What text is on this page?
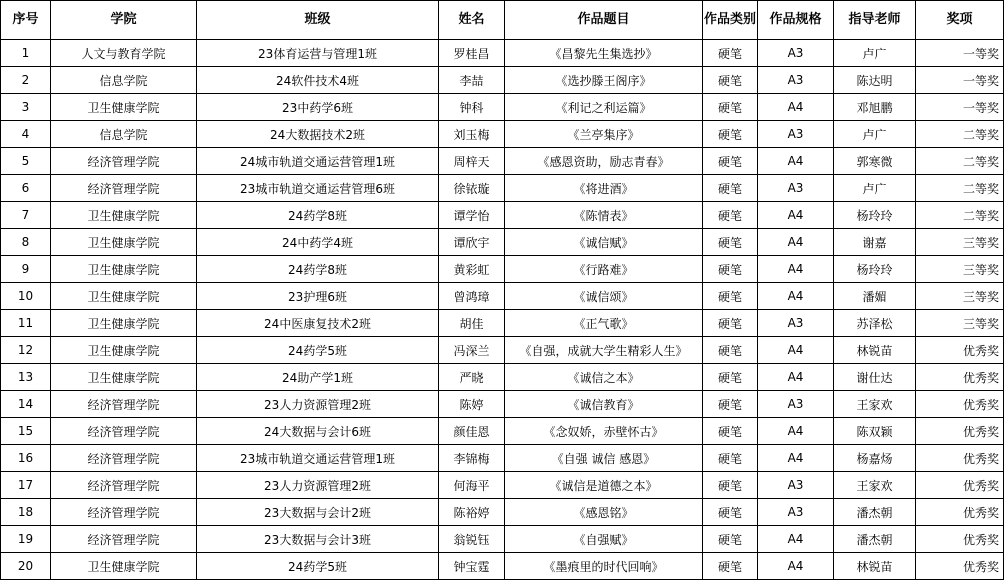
序号	学院	班级	姓名	作品题目	作品类别	作品规格	指导老师	奖项
1	人文与教育学院	23体育运营与管理1班	罗桂昌	《昌黎先生集选抄》	硬笔	A3	卢广	一等奖
2	信息学院	24软件技术4班	李喆	《选抄滕王阁序》	硬笔	A3	陈达明	一等奖
3	卫生健康学院	23中药学6班	钟科	《利记之利运篇》	硬笔	A4	邓旭鹏	一等奖
4	信息学院	24大数据技术2班	刘玉梅	《兰亭集序》	硬笔	A3	卢广	二等奖
5	经济管理学院	24城市轨道交通运营管理1班	周梓天	《感恩资助，励志青春》	硬笔	A4	郭寒微	二等奖
6	经济管理学院	23城市轨道交通运营管理6班	徐铱璇	《将进酒》	硬笔	A3	卢广	二等奖
7	卫生健康学院	24药学8班	谭学怡	《陈情表》	硬笔	A4	杨玲玲	二等奖
8	卫生健康学院	24中药学4班	谭欣宇	《诚信赋》	硬笔	A4	谢嘉	三等奖
9	卫生健康学院	24药学8班	黄彩虹	《行路难》	硬笔	A4	杨玲玲	三等奖
10	卫生健康学院	23护理6班	曾鸿璋	《诚信颂》	硬笔	A4	潘媚	三等奖
11	卫生健康学院	24中医康复技术2班	胡佳	《正气歌》	硬笔	A3	苏泽松	三等奖
12	卫生健康学院	24药学5班	冯深兰	《自强，成就大学生精彩人生》	硬笔	A4	林锐苗	优秀奖
13	卫生健康学院	24助产学1班	严晓	《诚信之本》	硬笔	A4	谢仕达	优秀奖
14	经济管理学院	23人力资源管理2班	陈婷	《诚信教育》	硬笔	A3	王家欢	优秀奖
15	经济管理学院	24大数据与会计6班	颜佳恩	《念奴娇，赤壁怀古》	硬笔	A4	陈双颖	优秀奖
16	经济管理学院	23城市轨道交通运营管理1班	李锦梅	《自强 诚信 感恩》	硬笔	A4	杨嘉炀	优秀奖
17	经济管理学院	23人力资源管理2班	何海平	《诚信是道德之本》	硬笔	A3	王家欢	优秀奖
18	经济管理学院	23大数据与会计2班	陈裕婷	《感恩铭》	硬笔	A3	潘杰朝	优秀奖
19	经济管理学院	23大数据与会计3班	翁锐钰	《自强赋》	硬笔	A4	潘杰朝	优秀奖
20	卫生健康学院	24药学5班	钟宝霆	《墨痕里的时代回响》	硬笔	A4	林锐苗	优秀奖
